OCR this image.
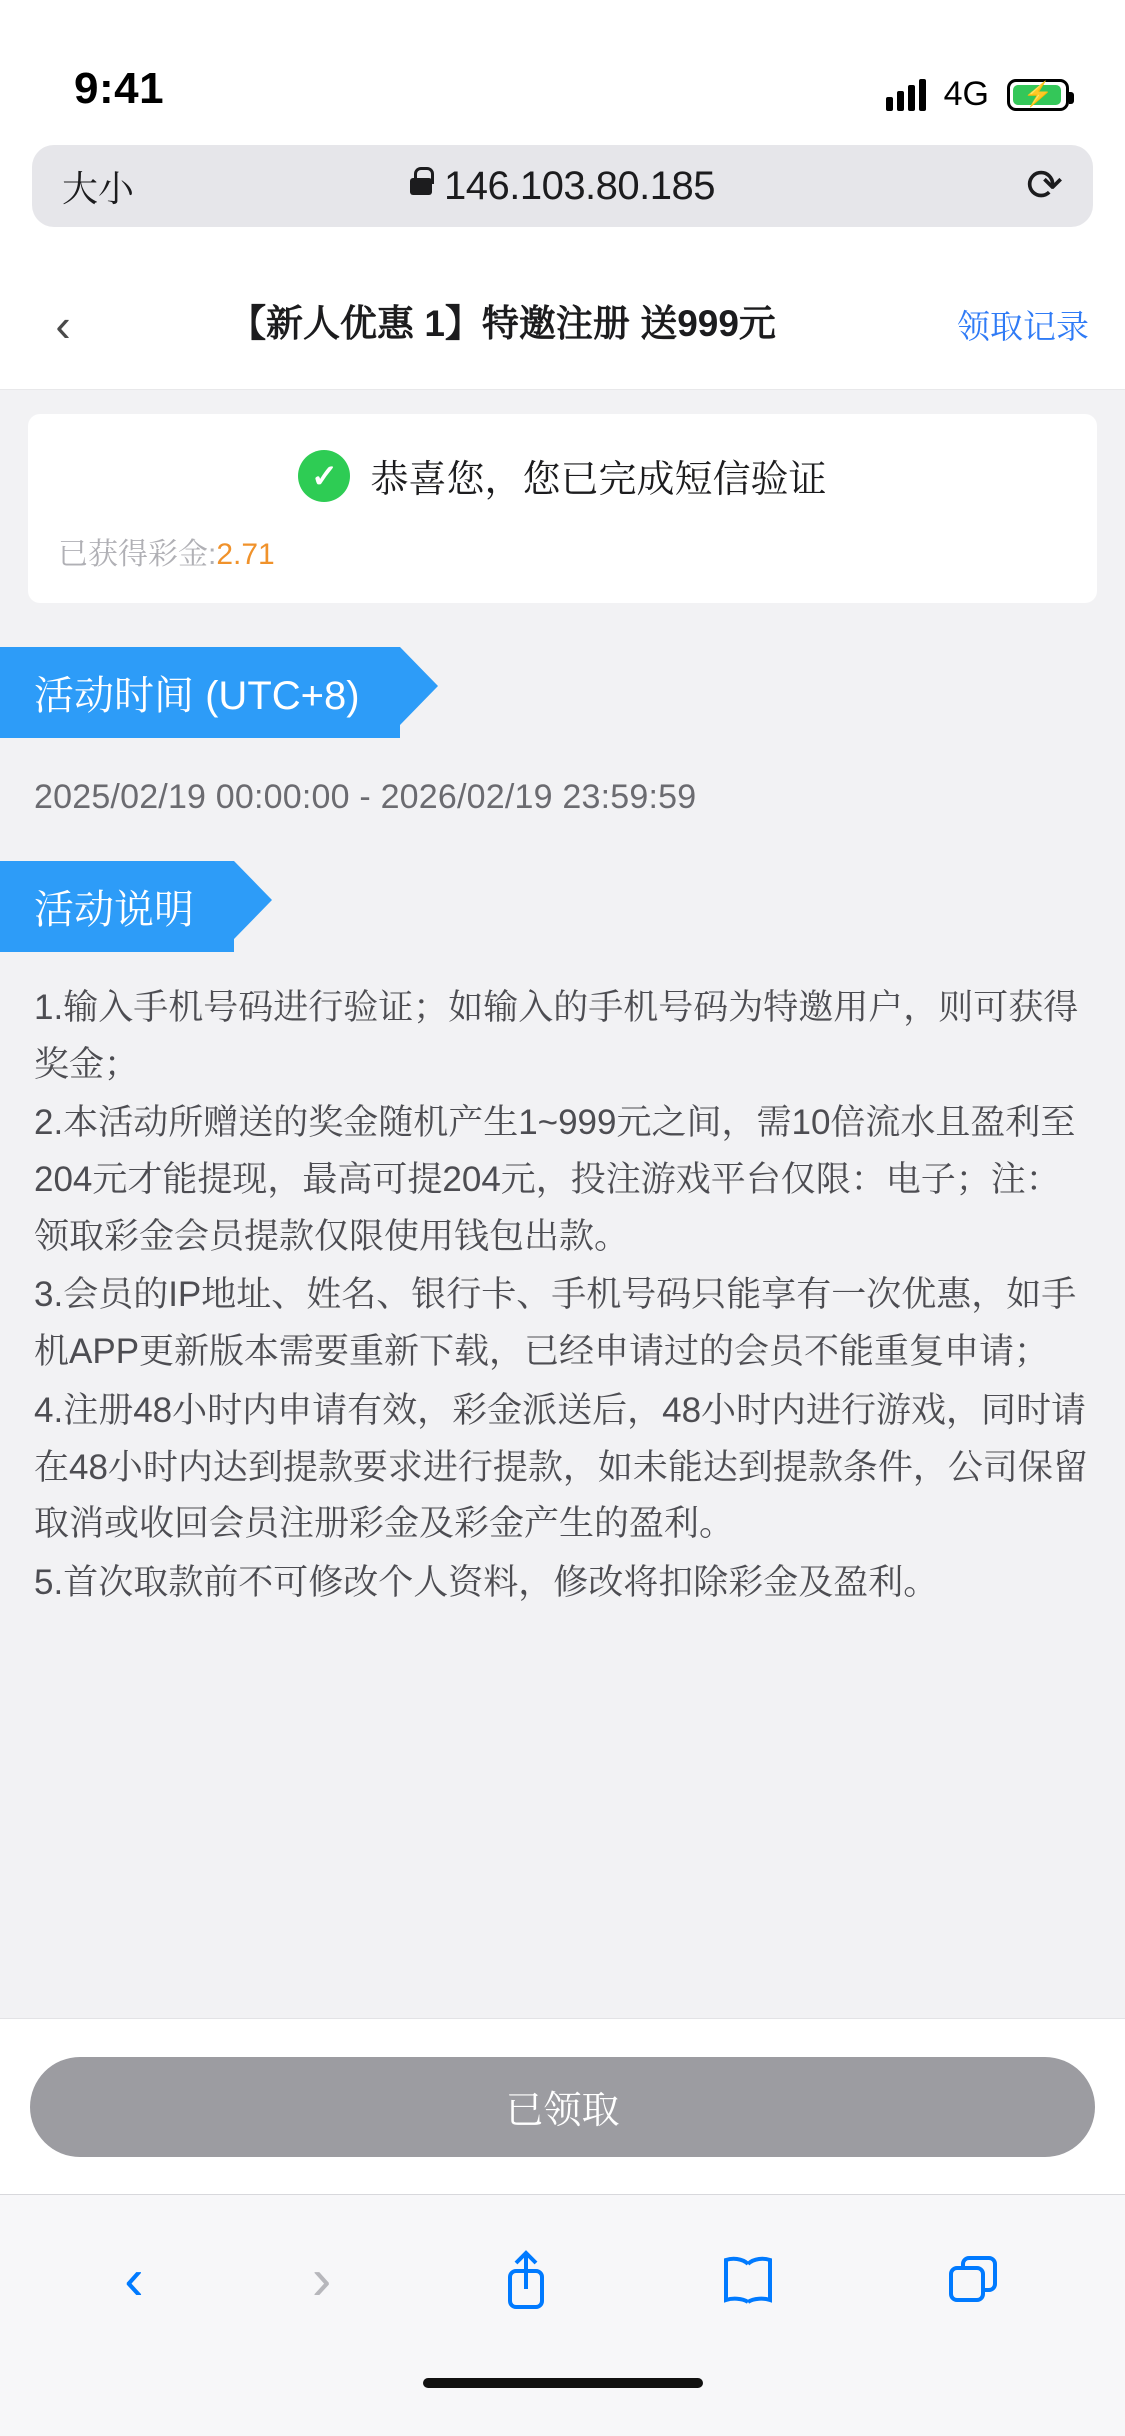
9:41	4G ⚡
大小	146.103.80.185	⟳
‹	【新人优惠 1】特邀注册 送999元	领取记录
✓ 恭喜您，您已完成短信验证
已获得彩金:2.71
活动时间 (UTC+8)
2025/02/19 00:00:00 - 2026/02/19 23:59:59
活动说明

1.输入手机号码进行验证；如输入的手机号码为特邀用户，则可获得奖金；

2.本活动所赠送的奖金随机产生1~999元之间，需10倍流水且盈利至204元才能提现，最高可提204元，投注游戏平台仅限：电子；注：领取彩金会员提款仅限使用钱包出款。

3.会员的IP地址、姓名、银行卡、手机号码只能享有一次优惠，如手机APP更新版本需要重新下载，已经申请过的会员不能重复申请；

4.注册48小时内申请有效，彩金派送后，48小时内进行游戏，同时请在48小时内达到提款要求进行提款，如未能达到提款条件，公司保留取消或收回会员注册彩金及彩金产生的盈利。

5.首次取款前不可修改个人资料，修改将扣除彩金及盈利。

已领取
‹	›
